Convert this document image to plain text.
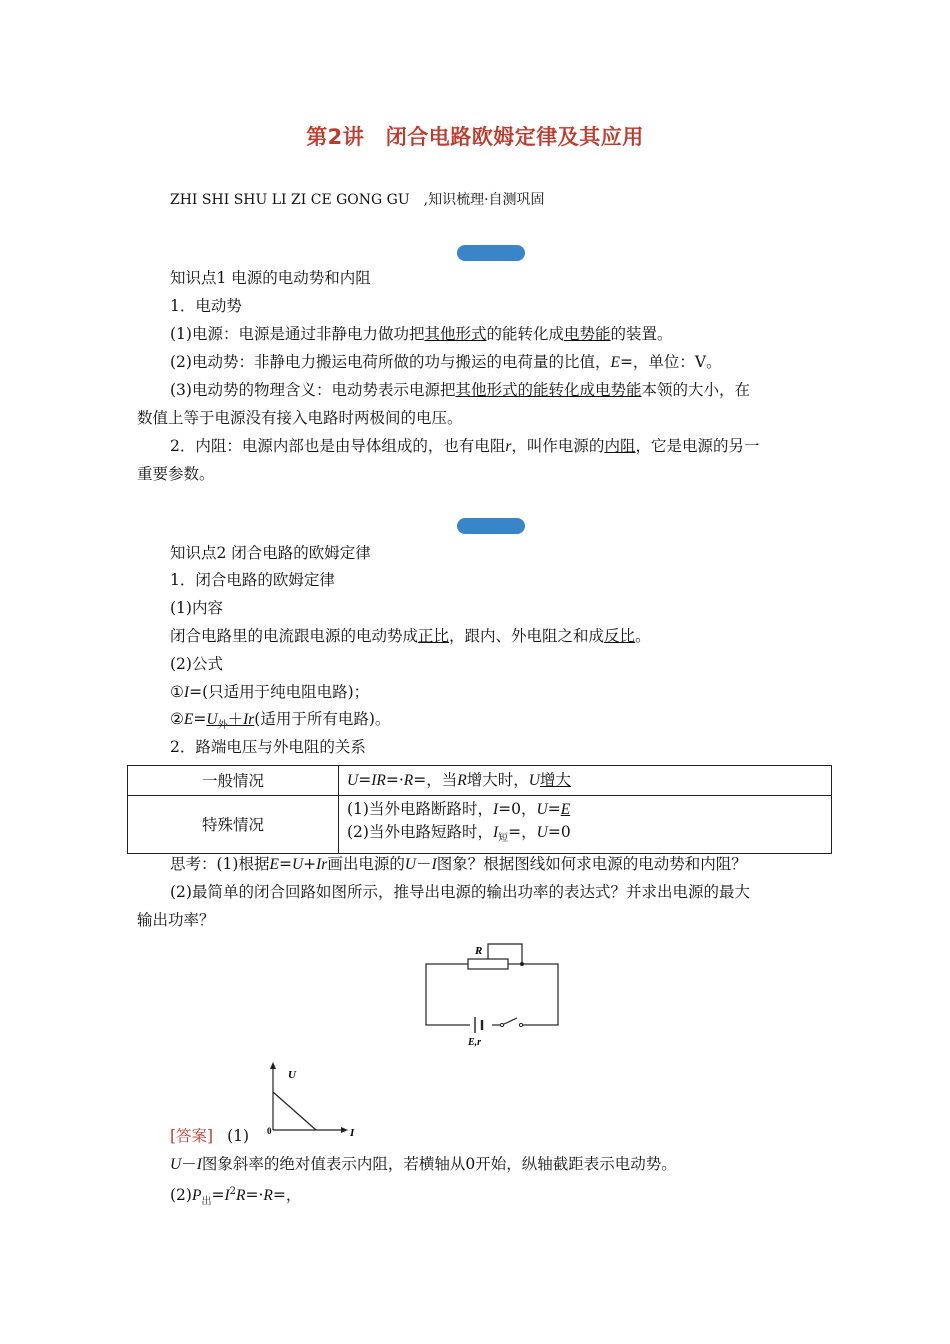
第2讲　闭合电路欧姆定律及其应用
ZHI SHI SHU LI ZI CE GONG GU　,知识梳理·自测巩固
知识点1 电源的电动势和内阻
1．电动势
(1)电源：电源是通过非静电力做功把其他形式的能转化成电势能的装置。
(2)电动势：非静电力搬运电荷所做的功与搬运的电荷量的比值，E=，单位：V。
(3)电动势的物理含义：电动势表示电源把其他形式的能转化成电势能本领的大小，在
数值上等于电源没有接入电路时两极间的电压。
2．内阻：电源内部也是由导体组成的，也有电阻r，叫作电源的内阻，它是电源的另一
重要参数。
知识点2 闭合电路的欧姆定律
1．闭合电路的欧姆定律
(1)内容
闭合电路里的电流跟电源的电动势成正比，跟内、外电阻之和成反比。
(2)公式
①I=(只适用于纯电阻电路)；
$②E=U_外+Ir$(适用于所有电路)。
2．路端电压与外电阻的关系
一般情况	U=IR=·R=，当R增大时，U增大
特殊情况	(1)当外电路断路时，I=0，U=E
(2)当外电路短路时，$I_短=$，U=0
思考：(1)根据E=U+Ir画出电源的U－I图象？根据图线如何求电源的电动势和内阻？
(2)最简单的闭合回路如图所示，推导出电源的输出功率的表达式？并求出电源的最大
输出功率？
R
E,r
U
I
0
[答案] (1)
U－I图象斜率的绝对值表示内阻，若横轴从0开始，纵轴截距表示电动势。
$(2)P_出=I^2R=\cdot R=$，
